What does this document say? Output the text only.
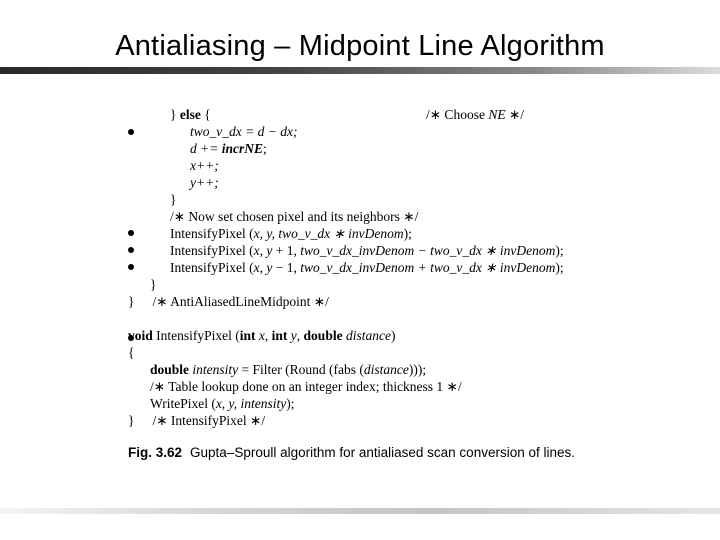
Antialiasing – Midpoint Line Algorithm
} else {	/∗ Choose NE ∗/
two_v_dx = d − dx;
d += incrNE;
x++;
y++;
}
/∗ Now set chosen pixel and its neighbors ∗/
IntensifyPixel (x, y, two_v_dx ∗ invDenom);
IntensifyPixel (x, y + 1, two_v_dx_invDenom − two_v_dx ∗ invDenom);
IntensifyPixel (x, y − 1, two_v_dx_invDenom + two_v_dx ∗ invDenom);
}
} /∗ AntiAliasedLineMidpoint ∗/
void IntensifyPixel (int x, int y, double distance)
{
double intensity = Filter (Round (fabs (distance)));
/∗ Table lookup done on an integer index; thickness 1 ∗/
WritePixel (x, y, intensity);
} /∗ IntensifyPixel ∗/
Fig. 3.62 Gupta–Sproull algorithm for antialiased scan conversion of lines.
